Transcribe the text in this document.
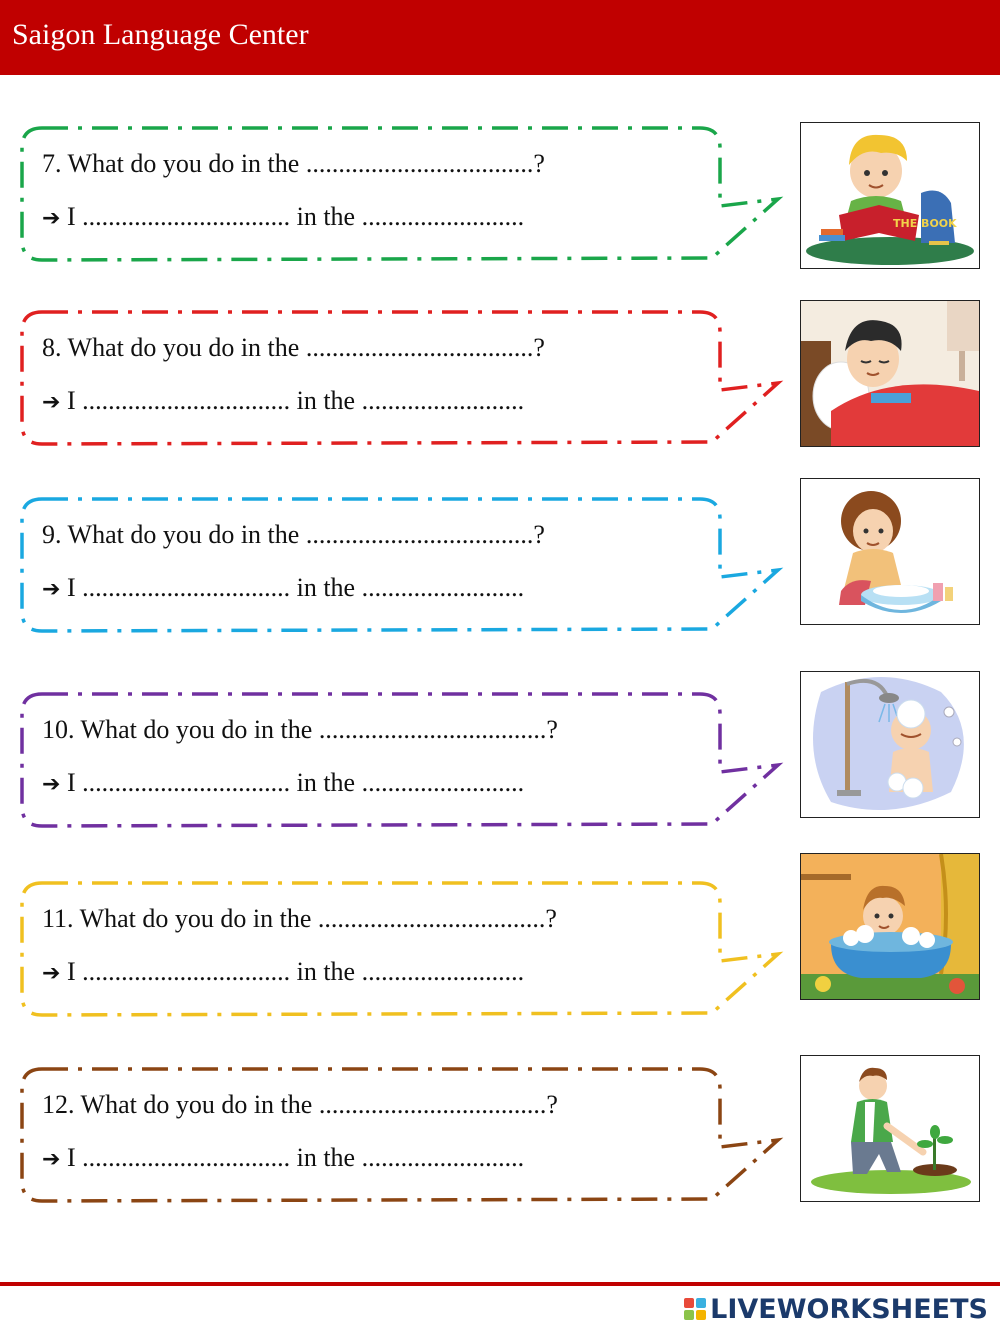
Saigon Language Center
7. What do you do in the ...................................?
➔ I ................................ in the .........................	THE BOOK
8. What do you do in the ...................................?
➔ I ................................ in the .........................
9. What do you do in the ...................................?
➔ I ................................ in the .........................
10. What do you do in the ...................................?
➔ I ................................ in the .........................
11. What do you do in the ...................................?
➔ I ................................ in the .........................
12. What do you do in the ...................................?
➔ I ................................ in the .........................
LIVEWORKSHEETS
